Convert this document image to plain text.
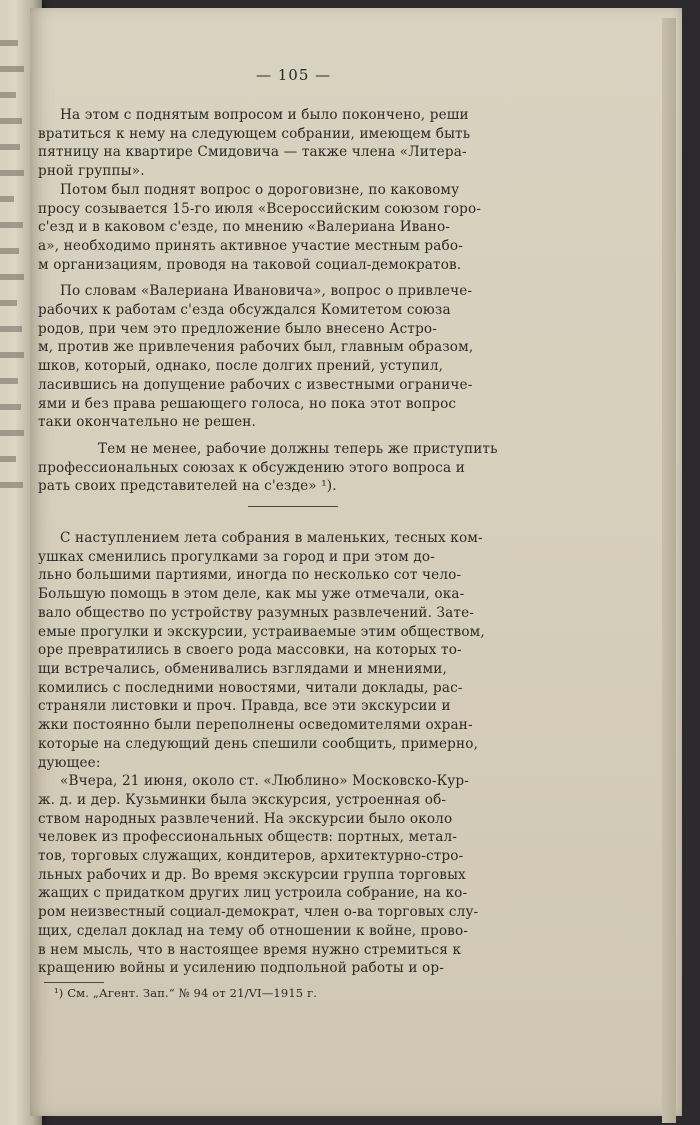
— 105 —

На этом с поднятым вопросом и было покончено, реши
вратиться к нему на следующем собрании, имеющем быть
пятницу на квартире Смидовича — также члена «Литера-
рной группы».

Потом был поднят вопрос о дороговизне, по каковому
просу созывается 15-го июля «Всероссийским союзом горо-
с'езд и в каковом с'езде, по мнению «Валериана Ивано-
а», необходимо принять активное участие местным рабо-
м организациям, проводя на таковой социал-демократов.

По словам «Валериана Ивановича», вопрос о привлече-
рабочих к работам с'езда обсуждался Комитетом союза
родов, при чем это предложение было внесено Астро-
м, против же привлечения рабочих был, главным образом,
шков, который, однако, после долгих прений, уступил,
ласившись на допущение рабочих с известными ограниче-
ями и без права решающего голоса, но пока этот вопрос
таки окончательно не решен.

Тем не менее, рабочие должны теперь же приступить
профессиональных союзах к обсуждению этого вопроса и
рать своих представителей на с'езде» ¹).

С наступлением лета собрания в маленьких, тесных ком-
ушках сменились прогулками за город и при этом до-
льно большими партиями, иногда по несколько сот чело-
Большую помощь в этом деле, как мы уже отмечали, ока-
вало общество по устройству разумных развлечений. Зате-
емые прогулки и экскурсии, устраиваемые этим обществом,
оре превратились в своего рода массовки, на которых то-
щи встречались, обменивались взглядами и мнениями,
комились с последними новостями, читали доклады, рас-
страняли листовки и проч. Правда, все эти экскурсии и
жки постоянно были переполнены осведомителями охран-
которые на следующий день спешили сообщить, примерно,
дующее:

«Вчера, 21 июня, около ст. «Люблино» Московско-Кур-
ж. д. и дер. Кузьминки была экскурсия, устроенная об-
ством народных развлечений. На экскурсии было около
человек из профессиональных обществ: портных, метал-
тов, торговых служащих, кондитеров, архитектурно-стро-
льных рабочих и др. Во время экскурсии группа торговых
жащих с придатком других лиц устроила собрание, на ко-
ром неизвестный социал-демократ, член о-ва торговых слу-
щих, сделал доклад на тему об отношении к войне, прово-
в нем мысль, что в настоящее время нужно стремиться к
кращению войны и усилению подпольной работы и ор-

¹) См. „Агент. Зап.“ № 94 от 21/VI—1915 г.
